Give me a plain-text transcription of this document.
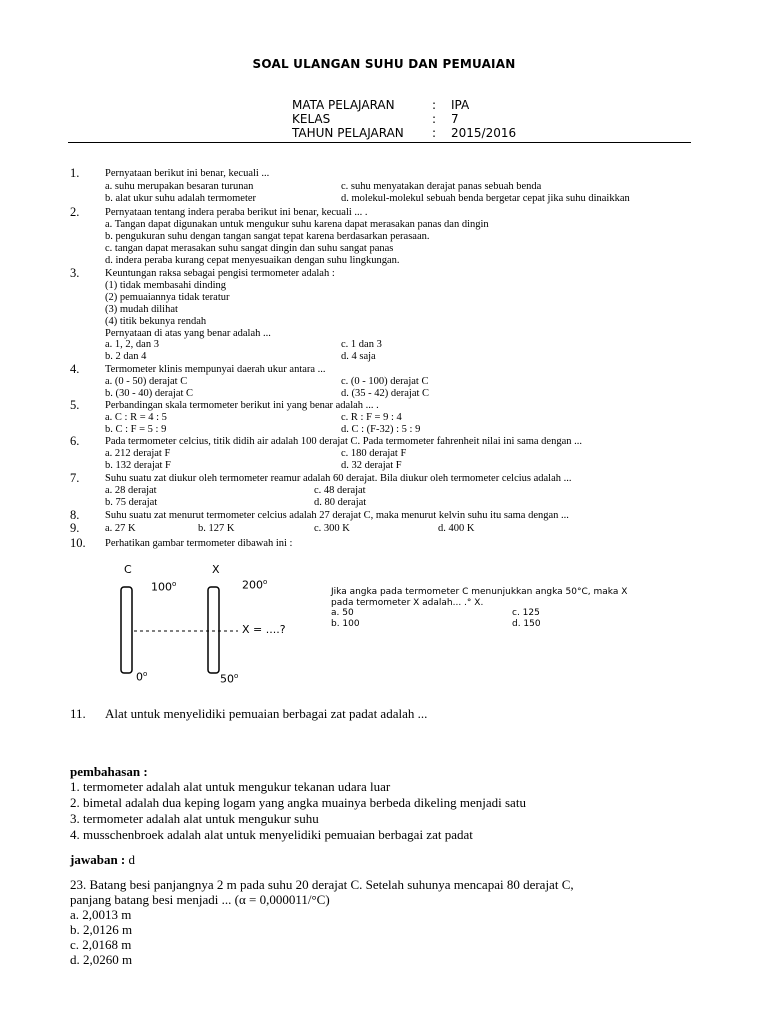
SOAL ULANGAN SUHU DAN PEMUAIAN
MATA PELAJARAN	: IPA
KELAS	: 7
TAHUN PELAJARAN : 2015/2016
1. Pernyataan berikut ini benar, kecuali ...
a. suhu merupakan besaran turunan	c. suhu menyatakan derajat panas sebuah benda
b. alat ukur suhu adalah termometer	d. molekul-molekul sebuah benda bergetar cepat jika suhu dinaikkan
2. Pernyataan tentang indera peraba berikut ini benar, kecuali ... .
a. Tangan dapat digunakan untuk mengukur suhu karena dapat merasakan panas dan dingin
b. pengukuran suhu dengan tangan sangat tepat karena berdasarkan perasaan.
c. tangan dapat merasakan suhu sangat dingin dan suhu sangat panas
d. indera peraba kurang cepat menyesuaikan dengan suhu lingkungan.
3. Keuntungan raksa sebagai pengisi termometer adalah :
(1) tidak membasahi dinding
(2) pemuaiannya tidak teratur
(3) mudah dilihat
(4) titik bekunya rendah
Pernyataan di atas yang benar adalah ...
a. 1, 2, dan 3	c. 1 dan 3
b. 2 dan 4	d. 4 saja
4. Termometer klinis mempunyai daerah ukur antara ...
a. (0 - 50) derajat C	c. (0 - 100) derajat C
b. (30 - 40) derajat C	d. (35 - 42) derajat C
5. Perbandingan skala termometer berikut ini yang benar adalah ... .
a. C : R = 4 : 5	c. R : F = 9 : 4
b. C : F = 5 : 9	d. C : (F-32) : 5 : 9
6. Pada termometer celcius, titik didih air adalah 100 derajat C. Pada termometer fahrenheit nilai ini sama dengan ...
a. 212 derajat F	c. 180 derajat F
b. 132 derajat F	d. 32 derajat F
7. Suhu suatu zat diukur oleh termometer reamur adalah 60 derajat. Bila diukur oleh termometer celcius adalah ...
a. 28 derajat	c. 48 derajat
b. 75 derajat	d. 80 derajat
8. Suhu suatu zat menurut termometer celcius adalah 27 derajat C, maka menurut kelvin suhu itu sama dengan ...
9. a. 27 K	b. 127 K	c. 300 K	d. 400 K
10. Perhatikan gambar termometer dibawah ini :
C	X
100$^o$	200$^o$
X = ....?
0$^o$	50$^o$
Jika angka pada termometer C menunjukkan angka 50°C, maka X
pada termometer X adalah... .° X.
a. 50	c. 125
b. 100	d. 150
11. Alat untuk menyelidiki pemuaian berbagai zat padat adalah ...
pembahasan :
1. termometer adalah alat untuk mengukur tekanan udara luar
2. bimetal adalah dua keping logam yang angka muainya berbeda dikeling menjadi satu
3. termometer adalah alat untuk mengukur suhu
4. musschenbroek adalah alat untuk menyelidiki pemuaian berbagai zat padat
jawaban : d
23. Batang besi panjangnya 2 m pada suhu 20 derajat C. Setelah suhunya mencapai 80 derajat C,
panjang batang besi menjadi ... (α = 0,000011/°C)
a. 2,0013 m
b. 2,0126 m
c. 2,0168 m
d. 2,0260 m
